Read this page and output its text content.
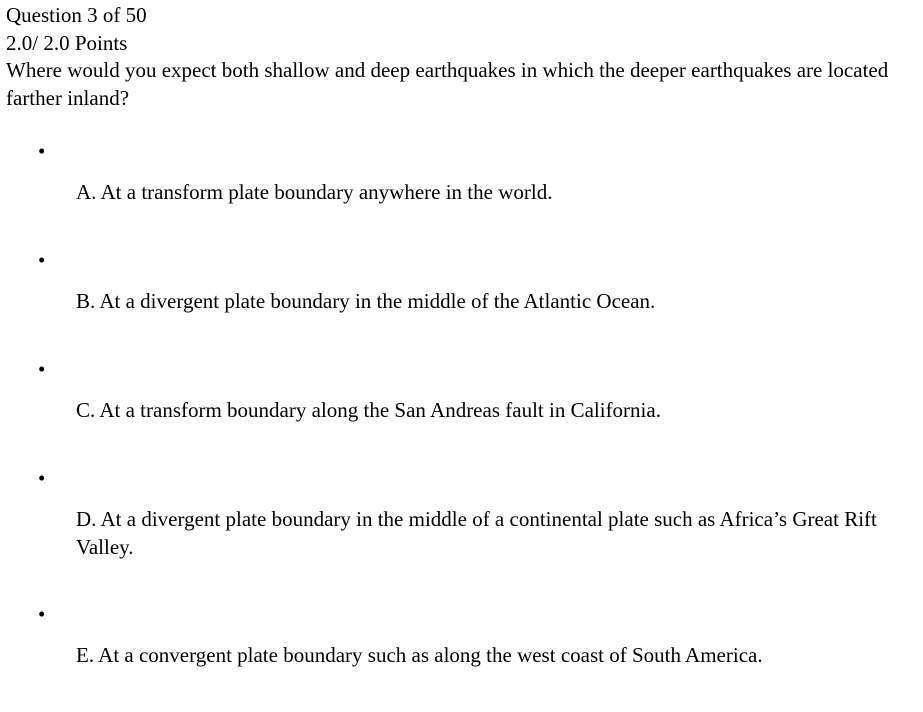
Question 3 of 50
2.0/ 2.0 Points
Where would you expect both shallow and deep earthquakes in which the deeper earthquakes are located farther inland?
•
A. At a transform plate boundary anywhere in the world.
•
B. At a divergent plate boundary in the middle of the Atlantic Ocean.
•
C. At a transform boundary along the San Andreas fault in California.
•
D. At a divergent plate boundary in the middle of a continental plate such as Africa’s Great Rift Valley.
•
E. At a convergent plate boundary such as along the west coast of South America.
